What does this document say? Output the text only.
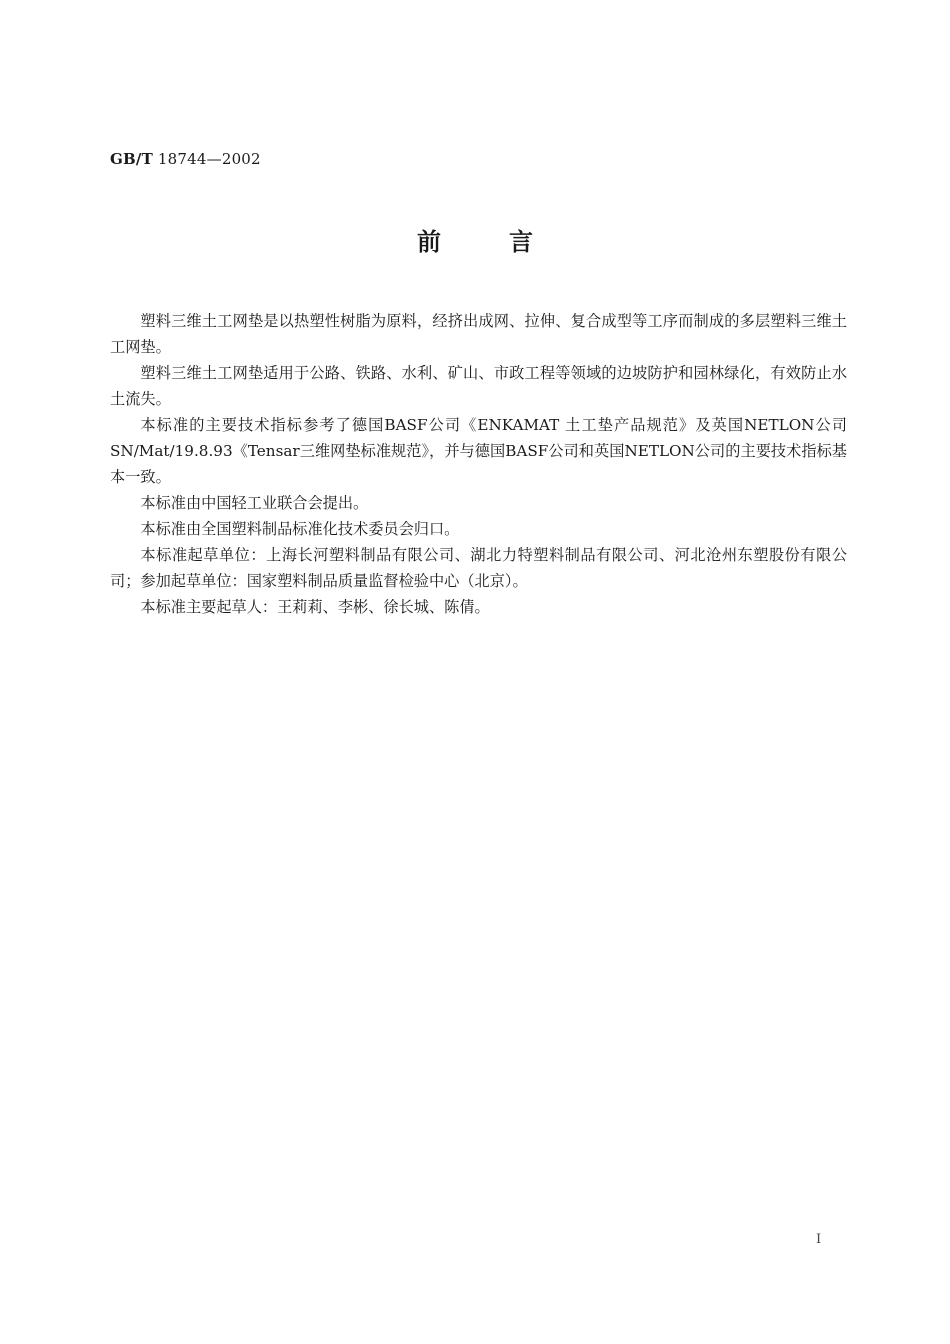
GB/T 18744—2002
前言

塑料三维土工网垫是以热塑性树脂为原料，经挤出成网、拉伸、复合成型等工序而制成的多层塑料三维土工网垫。

塑料三维土工网垫适用于公路、铁路、水利、矿山、市政工程等领域的边坡防护和园林绿化，有效防止水土流失。

本标准的主要技术指标参考了德国BASF公司《ENKAMAT 土工垫产品规范》及英国NETLON公司SN/Mat/19.8.93《Tensar三维网垫标准规范》，并与德国BASF公司和英国NETLON公司的主要技术指标基本一致。

本标准由中国轻工业联合会提出。

本标准由全国塑料制品标准化技术委员会归口。

本标准起草单位：上海长河塑料制品有限公司、湖北力特塑料制品有限公司、河北沧州东塑股份有限公司；参加起草单位：国家塑料制品质量监督检验中心（北京）。

本标准主要起草人：王莉莉、李彬、徐长城、陈倩。

I
